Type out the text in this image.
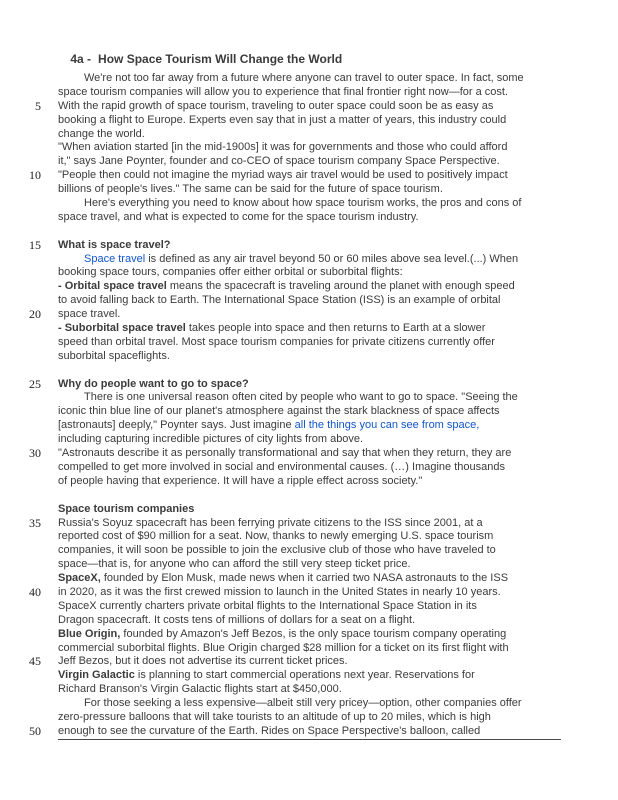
4a - How Space Tourism Will Change the World

We're not too far away from a future where anyone can travel to outer space. In fact, some
space tourism companies will allow you to experience that final frontier right now—for a cost.
5	With the rapid growth of space tourism, traveling to outer space could soon be as easy as
booking a flight to Europe. Experts even say that in just a matter of years, this industry could
change the world.
"When aviation started [in the mid-1900s] it was for governments and those who could afford
it," says Jane Poynter, founder and co-CEO of space tourism company Space Perspective.
10	"People then could not imagine the myriad ways air travel would be used to positively impact
billions of people's lives." The same can be said for the future of space tourism.
Here's everything you need to know about how space tourism works, the pros and cons of
space travel, and what is expected to come for the space tourism industry.
15	What is space travel?
Space travel is defined as any air travel beyond 50 or 60 miles above sea level.(...) When
booking space tours, companies offer either orbital or suborbital flights:
- Orbital space travel means the spacecraft is traveling around the planet with enough speed
to avoid falling back to Earth. The International Space Station (ISS) is an example of orbital
20	space travel.
- Suborbital space travel takes people into space and then returns to Earth at a slower
speed than orbital travel. Most space tourism companies for private citizens currently offer
suborbital spaceflights.
25	Why do people want to go to space?
There is one universal reason often cited by people who want to go to space. "Seeing the
iconic thin blue line of our planet's atmosphere against the stark blackness of space affects
[astronauts] deeply," Poynter says. Just imagine all the things you can see from space,
including capturing incredible pictures of city lights from above.
30	"Astronauts describe it as personally transformational and say that when they return, they are
compelled to get more involved in social and environmental causes. (…) Imagine thousands
of people having that experience. It will have a ripple effect across society."
Space tourism companies
35	Russia's Soyuz spacecraft has been ferrying private citizens to the ISS since 2001, at a
reported cost of $90 million for a seat. Now, thanks to newly emerging U.S. space tourism
companies, it will soon be possible to join the exclusive club of those who have traveled to
space—that is, for anyone who can afford the still very steep ticket price.
SpaceX, founded by Elon Musk, made news when it carried two NASA astronauts to the ISS
40	in 2020, as it was the first crewed mission to launch in the United States in nearly 10 years.
SpaceX currently charters private orbital flights to the International Space Station in its
Dragon spacecraft. It costs tens of millions of dollars for a seat on a flight.
Blue Origin, founded by Amazon's Jeff Bezos, is the only space tourism company operating
commercial suborbital flights. Blue Origin charged $28 million for a ticket on its first flight with
45	Jeff Bezos, but it does not advertise its current ticket prices.
Virgin Galactic is planning to start commercial operations next year. Reservations for
Richard Branson's Virgin Galactic flights start at $450,000.
For those seeking a less expensive—albeit still very pricey—option, other companies offer
zero-pressure balloons that will take tourists to an altitude of up to 20 miles, which is high
50	enough to see the curvature of the Earth. Rides on Space Perspective's balloon, called
